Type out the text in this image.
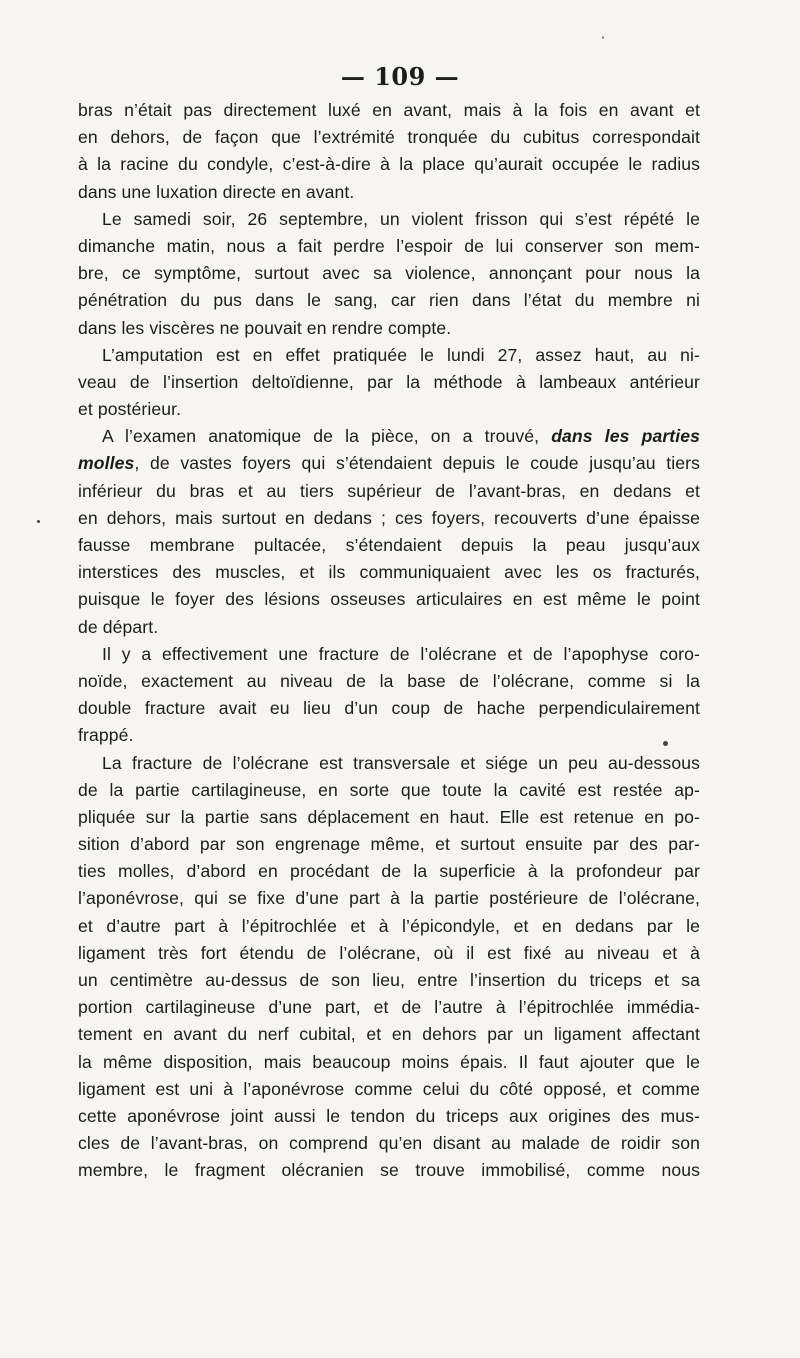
— 109 —
bras n’était pas directement luxé en avant, mais à la fois en avant et
en dehors, de façon que l’extrémité tronquée du cubitus correspondait
à la racine du condyle, c’est-à-dire à la place qu’aurait occupée le radius
dans une luxation directe en avant.
Le samedi soir, 26 septembre, un violent frisson qui s’est répété le
dimanche matin, nous a fait perdre l’espoir de lui conserver son mem-
bre, ce symptôme, surtout avec sa violence, annonçant pour nous la
pénétration du pus dans le sang, car rien dans l’état du membre ni
dans les viscères ne pouvait en rendre compte.
L’amputation est en effet pratiquée le lundi 27, assez haut, au ni-
veau de l’insertion deltoïdienne, par la méthode à lambeaux antérieur
et postérieur.
A l’examen anatomique de la pièce, on a trouvé, dans les parties
molles, de vastes foyers qui s’étendaient depuis le coude jusqu’au tiers
inférieur du bras et au tiers supérieur de l’avant-bras, en dedans et
en dehors, mais surtout en dedans ; ces foyers, recouverts d’une épaisse
fausse membrane pultacée, s’étendaient depuis la peau jusqu’aux
interstices des muscles, et ils communiquaient avec les os fracturés,
puisque le foyer des lésions osseuses articulaires en est même le point
de départ.
Il y a effectivement une fracture de l’olécrane et de l’apophyse coro-
noïde, exactement au niveau de la base de l’olécrane, comme si la
double fracture avait eu lieu d’un coup de hache perpendiculairement
frappé.
La fracture de l’olécrane est transversale et siége un peu au-dessous
de la partie cartilagineuse, en sorte que toute la cavité est restée ap-
pliquée sur la partie sans déplacement en haut. Elle est retenue en po-
sition d’abord par son engrenage même, et surtout ensuite par des par-
ties molles, d’abord en procédant de la superficie à la profondeur par
l’aponévrose, qui se fixe d’une part à la partie postérieure de l’olécrane,
et d’autre part à l’épitrochlée et à l’épicondyle, et en dedans par le
ligament très fort étendu de l’olécrane, où il est fixé au niveau et à
un centimètre au-dessus de son lieu, entre l’insertion du triceps et sa
portion cartilagineuse d’une part, et de l’autre à l’épitrochlée immédia-
tement en avant du nerf cubital, et en dehors par un ligament affectant
la même disposition, mais beaucoup moins épais. Il faut ajouter que le
ligament est uni à l’aponévrose comme celui du côté opposé, et comme
cette aponévrose joint aussi le tendon du triceps aux origines des mus-
cles de l’avant-bras, on comprend qu’en disant au malade de roidir son
membre, le fragment olécranien se trouve immobilisé, comme nous
